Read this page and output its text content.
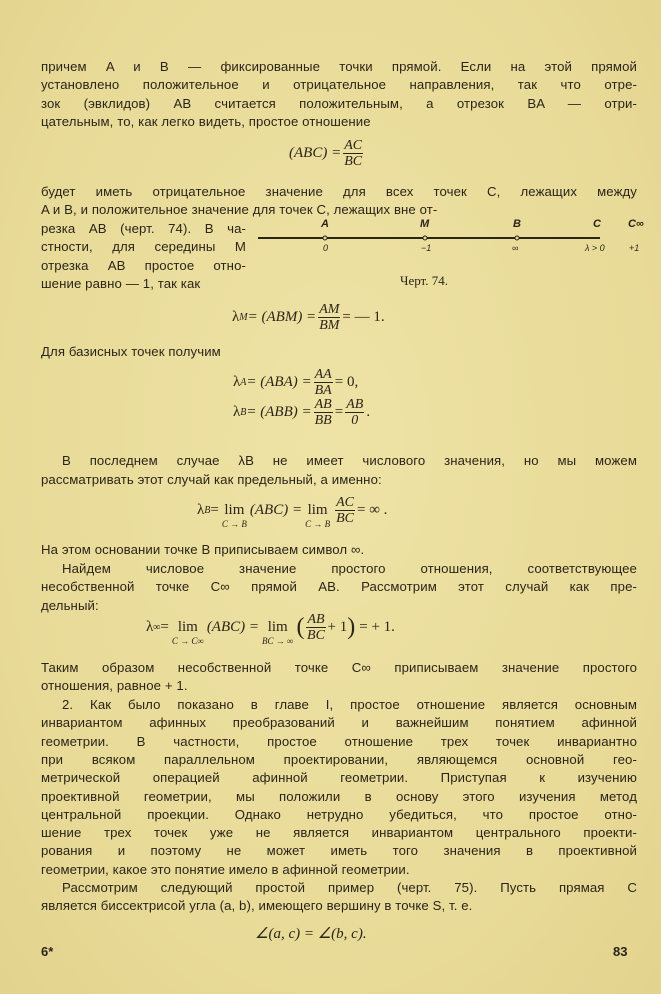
причем A и B — фиксированные точки прямой. Если на этой прямой
установлено положительное и отрицательное направления, так что отре-
зок (эвклидов) AB считается положительным, а отрезок BA — отри-
цательным, то, как легко видеть, простое отношение
будет иметь отрицательное значение для всех точек C, лежащих между
A и B, и положительное значение для точек C, лежащих вне от-
резка AB (черт. 74). В ча-
стности, для середины M
отрезка AB простое отно-
шение равно — 1, так как
Для базисных точек получим
В последнем случае λB не имеет числового значения, но мы можем
рассматривать этот случай как предельный, а именно:
На этом основании точке B приписываем символ ∞.
Найдем числовое значение простого отношения, соответствующее
несобственной точке C∞ прямой AB. Рассмотрим этот случай как пре-
дельный:
Таким образом несобственной точке C∞ приписываем значение простого
отношения, равное + 1.
2. Как было показано в главе I, простое отношение является основным
инвариантом афинных преобразований и важнейшим понятием афинной
геометрии. В частности, простое отношение трех точек инвариантно
при всяком параллельном проектировании, являющемся основной гео-
метрической операцией афинной геометрии. Приступая к изучению
проективной геометрии, мы положили в основу этого изучения метод
центральной проекции. Однако нетрудно убедиться, что простое отно-
шение трех точек уже не является инвариантом центрального проекти-
рования и поэтому не может иметь того значения в проективной
геометрии, какое это понятие имело в афинной геометрии.
Рассмотрим следующий простой пример (черт. 75). Пусть прямая C
является биссектрисой угла (a, b), имеющего вершину в точке S, т. е.
$(ABC) = \frac{AC}{BC}$
λ $M = (ABM) = \frac{AM}{BM}$ = — 1.
λ $A = (ABA) = \frac{AA}{BA} = 0$,
λ $B = (ABB) = \frac{AB}{BB} = \frac{AB}{0}$ .
λ B = lim
C → B
(ABC) = lim
C → B $\frac{AC}{BC}$ = ∞ .
λ ∞ = lim
C → C∞
(ABC) = lim
BC → ∞
( $\frac{AB}{BC} + 1$ ) = + 1.
∠(a, c) = ∠(b, c).
A	M	B	C C∞
0	−1	∞	λ > 0	+1
Черт. 74.
6*	83
